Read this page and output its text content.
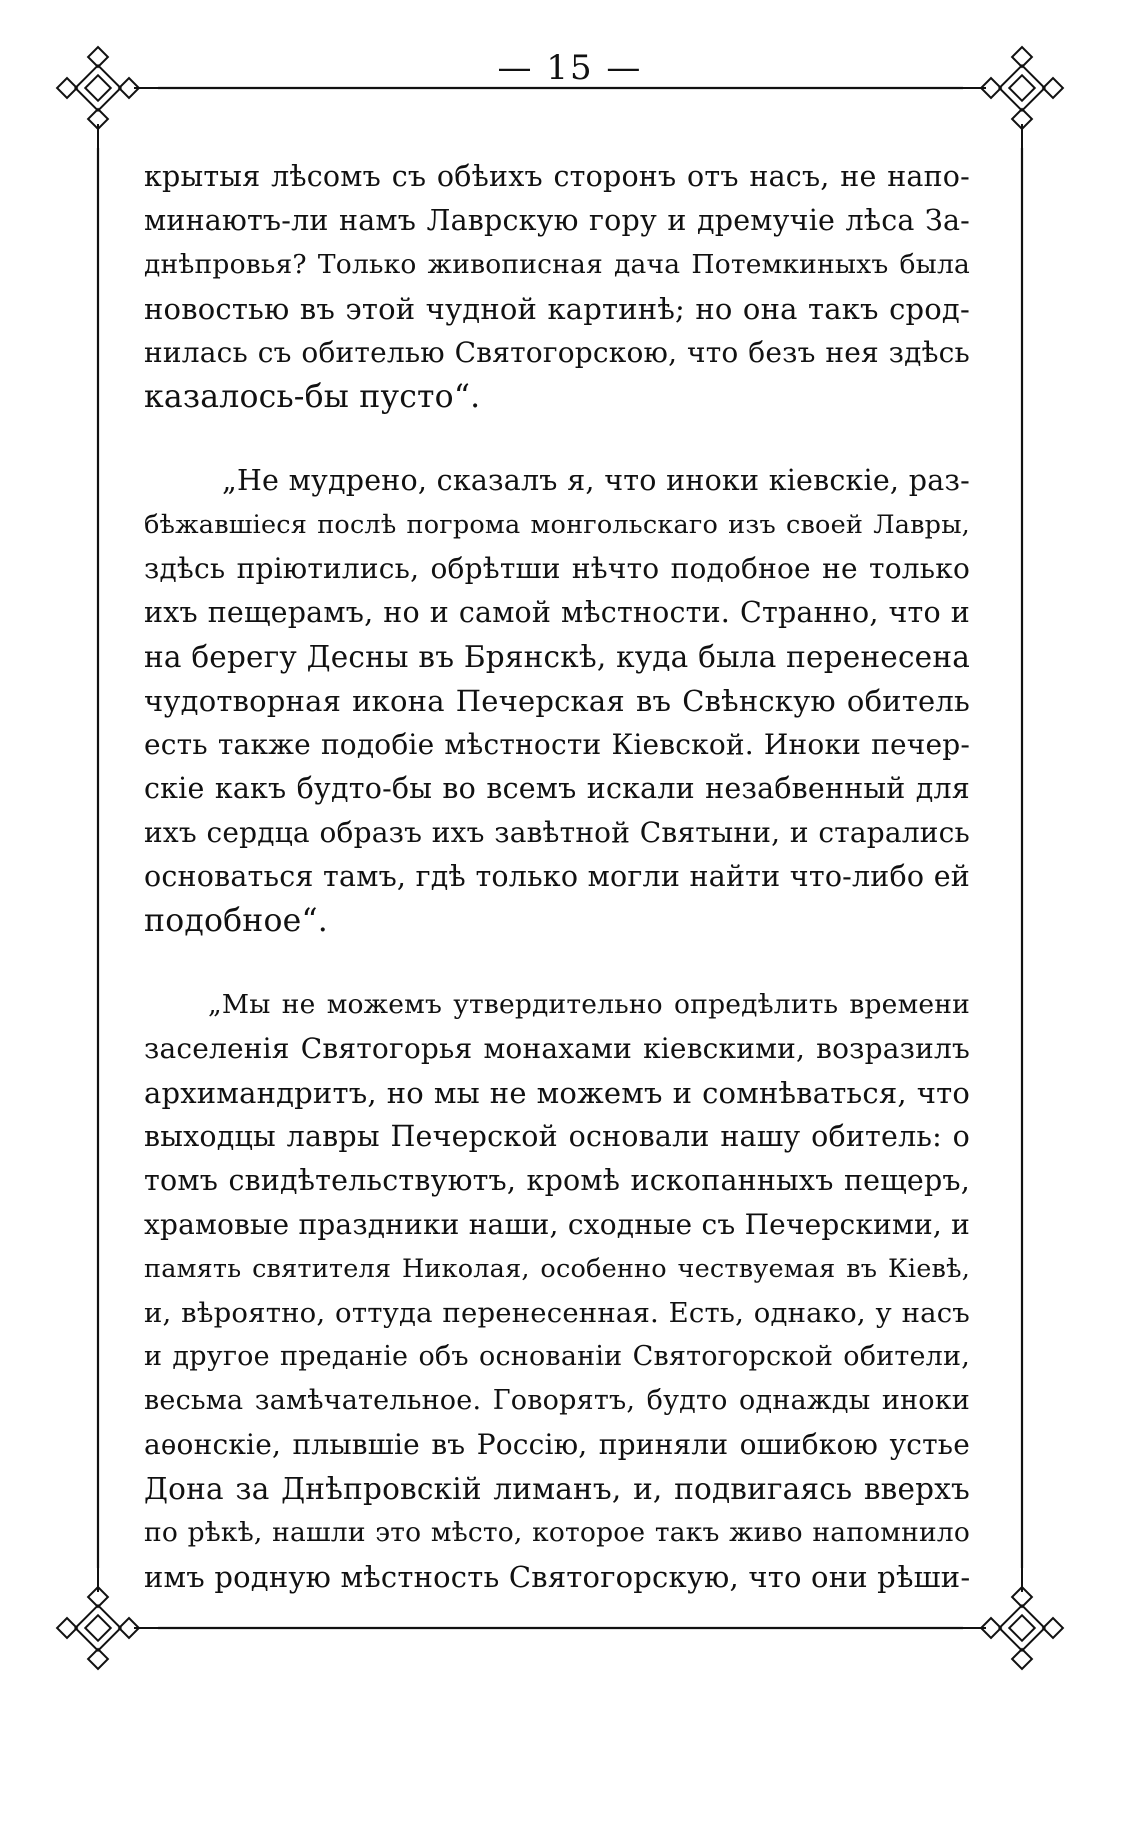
— 15 —
крытыя лѣсомъ съ обѣихъ сторонъ отъ насъ, не напо-
минаютъ-ли намъ Лаврскую гору и дремучіе лѣса За-
днѣпровья? Только живописная дача Потемкиныхъ была
новостью въ этой чудной картинѣ; но она такъ срод-
нилась съ обителью Святогорскою, что безъ нея здѣсь
казалось-бы пусто“.
„Не мудрено, сказалъ я, что иноки кіевскіе, раз-
бѣжавшіеся послѣ погрома монгольскаго изъ своей Лавры,
здѣсь пріютились, обрѣтши нѣчто подобное не только
ихъ пещерамъ, но и самой мѣстности. Странно, что и
на берегу Десны въ Брянскѣ, куда была перенесена
чудотворная икона Печерская въ Свѣнскую обитель
есть также подобіе мѣстности Кіевской. Иноки печер-
скіе какъ будто-бы во всемъ искали незабвенный для
ихъ сердца образъ ихъ завѣтной Святыни, и старались
основаться тамъ, гдѣ только могли найти что-либо ей
подобное“.
„Мы не можемъ утвердительно опредѣлить времени
заселенія Святогорья монахами кіевскими, возразилъ
архимандритъ, но мы не можемъ и сомнѣваться, что
выходцы лавры Печерской основали нашу обитель: о
томъ свидѣтельствуютъ, кромѣ ископанныхъ пещеръ,
храмовые праздники наши, сходные съ Печерскими, и
память святителя Николая, особенно чествуемая въ Кіевѣ,
и, вѣроятно, оттуда перенесенная. Есть, однако, у насъ
и другое преданіе объ основаніи Святогорской обители,
весьма замѣчательное. Говорятъ, будто однажды иноки
аѳонскіе, плывшіе въ Россію, приняли ошибкою устье
Дона за Днѣпровскій лиманъ, и, подвигаясь вверхъ
по рѣкѣ, нашли это мѣсто, которое такъ живо напомнило
имъ родную мѣстность Святогорскую, что они рѣши-
